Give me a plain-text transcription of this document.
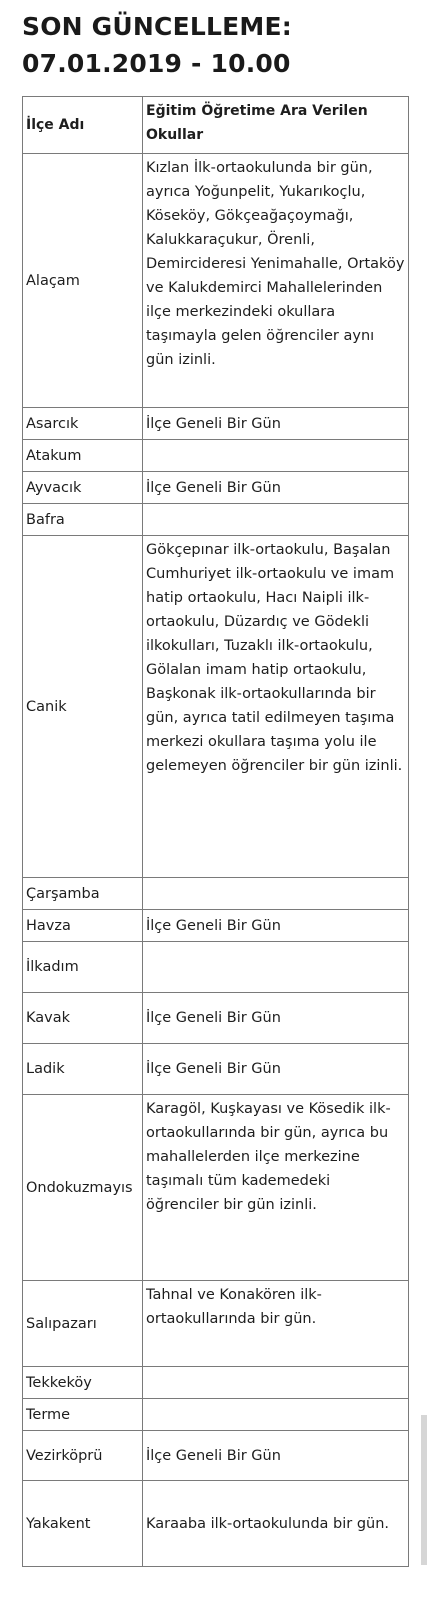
SON GÜNCELLEME:
07.01.2019 - 10.00
İlçe Adı	Eğitim Öğretime Ara Verilen Okullar
Alaçam	Kızlan İlk-ortaokulunda bir gün, ayrıca Yoğunpelit, Yukarıkoçlu, Köseköy, Gökçeağaçoymağı, Kalukkaraçukur, Örenli, Demircideresi Yenimahalle, Ortaköy ve Kalukdemirci Mahallelerinden ilçe merkezindeki okullara taşımayla gelen öğrenciler aynı gün izinli.
Asarcık	İlçe Geneli Bir Gün
Atakum	
Ayvacık	İlçe Geneli Bir Gün
Bafra	
Canik	Gökçepınar ilk-ortaokulu, Başalan Cumhuriyet ilk-ortaokulu ve imam hatip ortaokulu, Hacı Naipli ilk-ortaokulu, Düzardıç ve Gödekli ilkokulları, Tuzaklı ilk-ortaokulu, Gölalan imam hatip ortaokulu, Başkonak ilk-ortaokullarında bir gün, ayrıca tatil edilmeyen taşıma merkezi okullara taşıma yolu ile gelemeyen öğrenciler bir gün izinli.
Çarşamba	
Havza	İlçe Geneli Bir Gün
İlkadım	
Kavak	İlçe Geneli Bir Gün
Ladik	İlçe Geneli Bir Gün
Ondokuzmayıs	Karagöl, Kuşkayası ve Kösedik ilk-ortaokullarında bir gün, ayrıca bu mahallelerden ilçe merkezine taşımalı tüm kademedeki öğrenciler bir gün izinli.
Salıpazarı	Tahnal ve Konakören ilk-ortaokullarında bir gün.
Tekkeköy	
Terme	
Vezirköprü	İlçe Geneli Bir Gün
Yakakent	Karaaba ilk-ortaokulunda bir gün.
